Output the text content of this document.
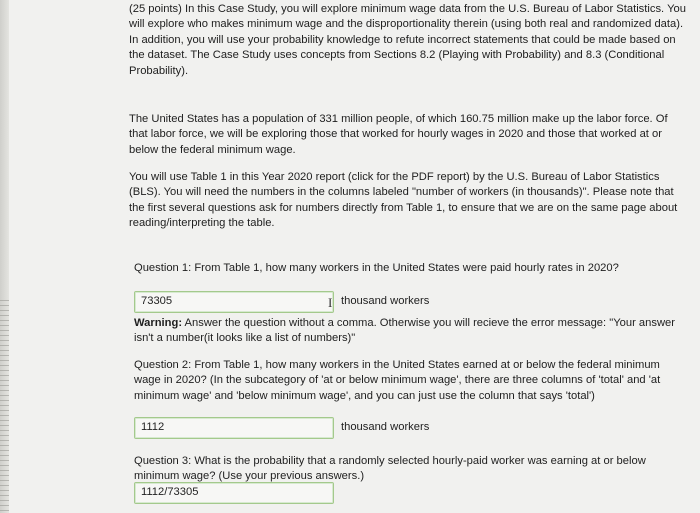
(25 points) In this Case Study, you will explore minimum wage data from the U.S. Bureau of Labor Statistics. You will explore who makes minimum wage and the disproportionality therein (using both real and randomized data). In addition, you will use your probability knowledge to refute incorrect statements that could be made based on the dataset. The Case Study uses concepts from Sections 8.2 (Playing with Probability) and 8.3 (Conditional Probability).

The United States has a population of 331 million people, of which 160.75 million make up the labor force. Of that labor force, we will be exploring those that worked for hourly wages in 2020 and those that worked at or below the federal minimum wage.

You will use Table 1 in this Year 2020 report (click for the PDF report) by the U.S. Bureau of Labor Statistics (BLS). You will need the numbers in the columns labeled "number of workers (in thousands)". Please note that the first several questions ask for numbers directly from Table 1, to ensure that we are on the same page about reading/interpreting the table.

Question 1: From Table 1, how many workers in the United States were paid hourly rates in 2020?

73305	I thousand workers

Warning: Answer the question without a comma. Otherwise you will recieve the error message: "Your answer isn't a number(it looks like a list of numbers)"

Question 2: From Table 1, how many workers in the United States earned at or below the federal minimum wage in 2020? (In the subcategory of 'at or below minimum wage', there are three columns of 'total' and 'at minimum wage' and 'below minimum wage', and you can just use the column that says 'total')

1112	thousand workers

Question 3: What is the probability that a randomly selected hourly-paid worker was earning at or below minimum wage? (Use your previous answers.)

1112/73305
